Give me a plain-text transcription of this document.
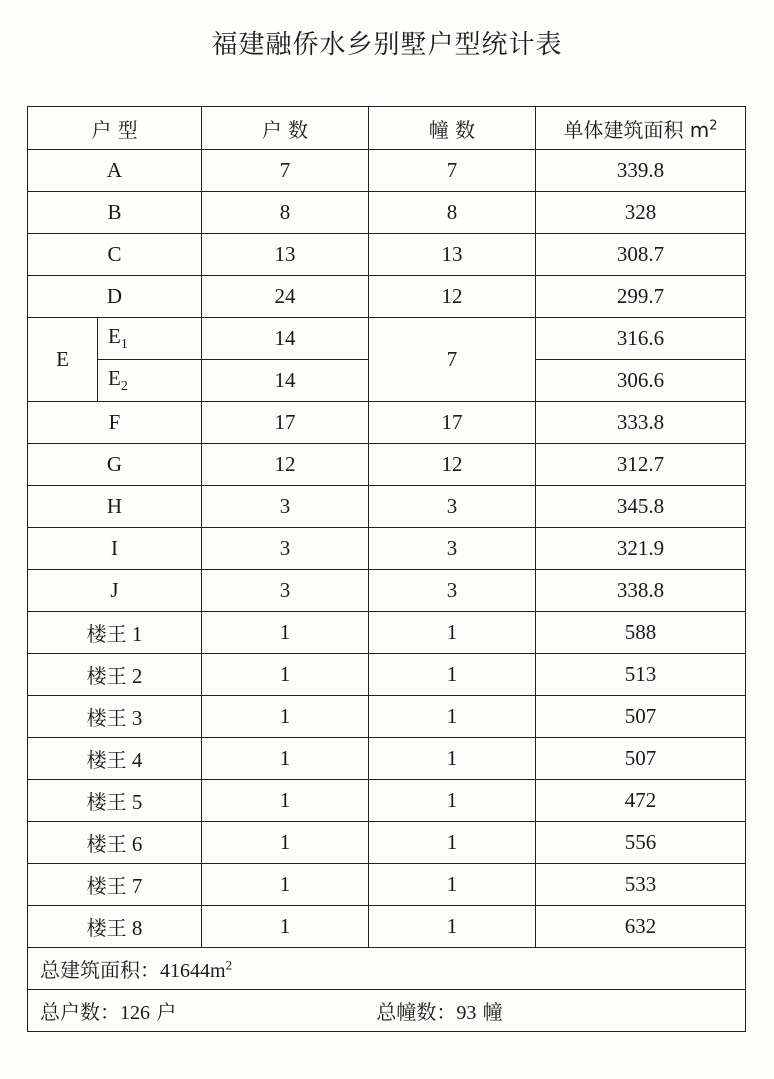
福建融侨水乡别墅户型统计表
户 型		户 数	幢 数	单体建筑面积 $m^2$
A		7	7	339.8
B		8	8	328
C		13	13	308.7
D		24	12	299.7
E	$E_1$	14	7	316.6
	$E_2$	14		306.6
F		17	17	333.8
G		12	12	312.7
H		3	3	345.8
I		3	3	321.9
J		3	3	338.8
楼王 1		1	1	588
楼王 2		1	1	513
楼王 3		1	1	507
楼王 4		1	1	507
楼王 5		1	1	472
楼王 6		1	1	556
楼王 7		1	1	533
楼王 8		1	1	632
总建筑面积：$41644m^2$
总户数：126 户 总幢数：93 幢				
